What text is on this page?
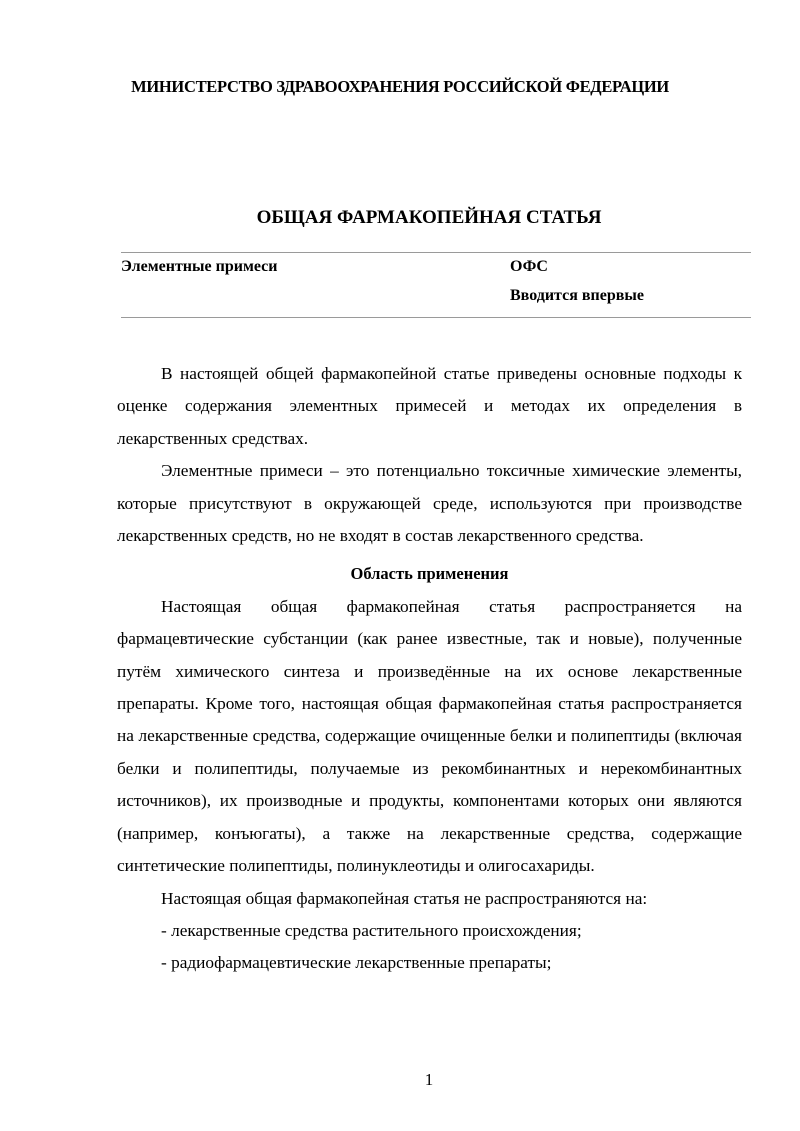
МИНИСТЕРСТВО ЗДРАВООХРАНЕНИЯ РОССИЙСКОЙ ФЕДЕРАЦИИ
ОБЩАЯ ФАРМАКОПЕЙНАЯ СТАТЬЯ
Элементные примеси	ОФС
Вводится впервые

В настоящей общей фармакопейной статье приведены основные подходы к оценке содержания элементных примесей и методах их определения в лекарственных средствах.

Элементные примеси – это потенциально токсичные химические элементы, которые присутствуют в окружающей среде, используются при производстве лекарственных средств, но не входят в состав лекарственного средства.

Область применения

Настоящая общая фармакопейная статья распространяется на фармацевтические субстанции (как ранее известные, так и новые), полученные путём химического синтеза и произведённые на их основе лекарственные препараты. Кроме того, настоящая общая фармакопейная статья распространяется на лекарственные средства, содержащие очищенные белки и полипептиды (включая белки и полипептиды, получаемые из рекомбинантных и нерекомбинантных источников), их производные и продукты, компонентами которых они являются (например, конъюгаты), а также на лекарственные средства, содержащие синтетические полипептиды, полинуклеотиды и олигосахариды.

Настоящая общая фармакопейная статья не распространяются на:

- лекарственные средства растительного происхождения;

- радиофармацевтические лекарственные препараты;

1
